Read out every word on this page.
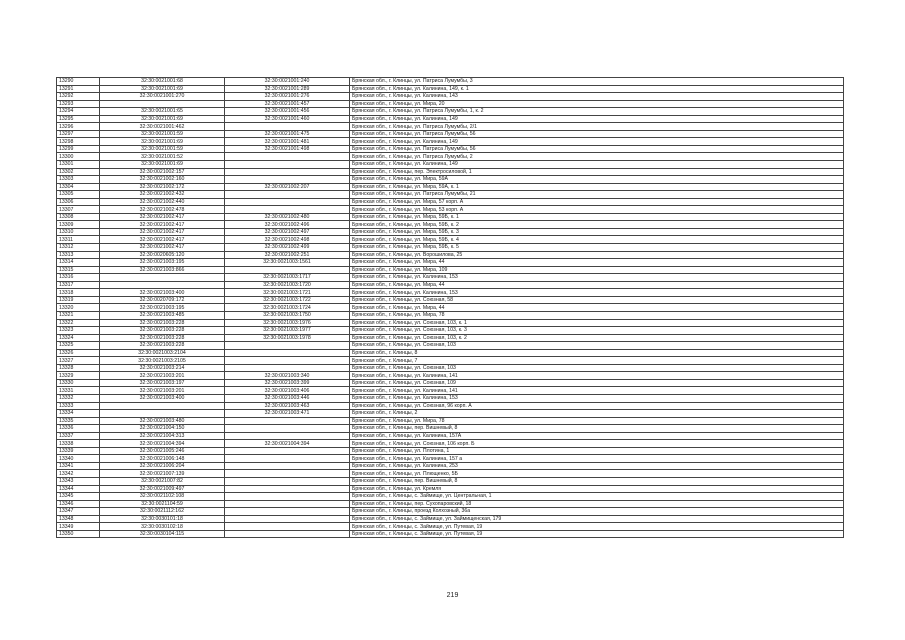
13290	32:30:0021001:68	32:30:0021001:240	Брянская обл., г. Клинцы, ул. Патриса Лумумбы, 3
13291	32:30:0021001:69	32:30:0021001:289	Брянская обл., г. Клинцы, ул. Калинина, 149, к. 1
13292	32:30:0021001:270	32:30:0021001:276	Брянская обл., г. Клинцы, ул. Калинина, 143
13293		32:30:0021001:457	Брянская обл., г. Клинцы, ул. Мира, 20
13294	32:30:0021001:65	32:30:0021001:456	Брянская обл., г. Клинцы, ул. Патриса Лумумбы, 1, к. 2
13295	32:30:0021001:69	32:30:0021001:460	Брянская обл., г. Клинцы, ул. Калинина, 149
13296	32:30:0021001:462		Брянская обл., г. Клинцы, ул. Патриса Лумумбы, 2/1
13297	32:30:0021001:59	32:30:0021001:475	Брянская обл., г. Клинцы, ул. Патриса Лумумбы, 56
13298	32:30:0021001:69	32:30:0021001:481	Брянская обл., г. Клинцы, ул. Калинина, 149
13299	32:30:0021001:59	32:30:0021001:498	Брянская обл., г. Клинцы, ул. Патриса Лумумбы, 56
13300	32:30:0021001:52		Брянская обл., г. Клинцы, ул. Патриса Лумумбы, 2
13301	32:30:0021001:69		Брянская обл., г. Клинцы, ул. Калинина, 149
13302	32:30:0021002:157		Брянская обл., г. Клинцы, пер. Электросиловой, 1
13303	32:30:0021002:160		Брянская обл., г. Клинцы, ул. Мира, 59А
13304	32:30:0021002:172	32:30:0021002:207	Брянская обл., г. Клинцы, ул. Мира, 59А, к. 1
13305	32:30:0021002:432		Брянская обл., г. Клинцы, ул. Патриса Лумумбы, 21
13306	32:30:0021002:440		Брянская обл., г. Клинцы, ул. Мира, 57 корп. А
13307	32:30:0021002:478		Брянская обл., г. Клинцы, ул. Мира, 53 корп. А
13308	32:30:0021002:417	32:30:0021002:480	Брянская обл., г. Клинцы, ул. Мира, 59Б, к. 1
13309	32:30:0021002:417	32:30:0021002:496	Брянская обл., г. Клинцы, ул. Мира, 59Б, к. 2
13310	32:30:0021002:417	32:30:0021002:497	Брянская обл., г. Клинцы, ул. Мира, 59Б, к. 3
13311	32:30:0021002:417	32:30:0021002:498	Брянская обл., г. Клинцы, ул. Мира, 59Б, к. 4
13312	32:30:0021002:417	32:30:0021002:499	Брянская обл., г. Клинцы, ул. Мира, 59Б, к. 5
13313	32:30:0020605:120	32:30:0021002:251	Брянская обл., г. Клинцы, ул. Ворошилова, 25
13314	32:30:0021003:195	32:30:0021003:1561	Брянская обл., г. Клинцы, ул. Мира, 44
13315	32:30:0021003:866		Брянская обл., г. Клинцы, ул. Мира, 109
13316		32:30:0021003:1717	Брянская обл., г. Клинцы, ул. Калинина, 153
13317		32:30:0021003:1720	Брянская обл., г. Клинцы, ул. Мира, 44
13318	32:30:0021003:400	32:30:0021003:1721	Брянская обл., г. Клинцы, ул. Калинина, 153
13319	32:30:0020709:172	32:30:0021003:1722	Брянская обл., г. Клинцы, ул. Союзная, 58
13320	32:30:0021003:195	32:30:0021003:1724	Брянская обл., г. Клинцы, ул. Мира, 44
13321	32:30:0021003:485	32:30:0021003:1750	Брянская обл., г. Клинцы, ул. Мира, 78
13322	32:30:0021003:228	32:30:0021003:1976	Брянская обл., г. Клинцы, ул. Союзная, 103, к. 1
13323	32:30:0021003:228	32:30:0021003:1977	Брянская обл., г. Клинцы, ул. Союзная, 103, к. 3
13324	32:30:0021003:228	32:30:0021003:1978	Брянская обл., г. Клинцы, ул. Союзная, 103, к. 2
13325	32:30:0021003:228		Брянская обл., г. Клинцы, ул. Союзная, 103
13326	32:30:0021003:2104		Брянская обл., г. Клинцы, 8
13327	32:30:0021003:2105		Брянская обл., г. Клинцы, 7
13328	32:30:0021003:214		Брянская обл., г. Клинцы, ул. Союзная, 103
13329	32:30:0021003:201	32:30:0021003:340	Брянская обл., г. Клинцы, ул. Калинина, 141
13330	32:30:0021003:197	32:30:0021003:399	Брянская обл., г. Клинцы, ул. Союзная, 109
13331	32:30:0021003:201	32:30:0021003:406	Брянская обл., г. Клинцы, ул. Калинина, 141
13332	32:30:0021003:400	32:30:0021003:446	Брянская обл., г. Клинцы, ул. Калинина, 153
13333		32:30:0021003:463	Брянская обл., г. Клинцы, ул. Союзная, 96 корп. А
13334		32:30:0021003:471	Брянская обл., г. Клинцы, 2
13335	32:30:0021003:480		Брянская обл., г. Клинцы, ул. Мира, 78
13336	32:30:0021004:150		Брянская обл., г. Клинцы, пер. Вишневый, 8
13337	32:30:0021004:313		Брянская обл., г. Клинцы, ул. Калинина, 157А
13338	32:30:0021004:394	32:30:0021004:394	Брянская обл., г. Клинцы, ул. Союзная, 106 корп. Б
13339	32:30:0021005:246		Брянская обл., г. Клинцы, ул. Плотина, 1
13340	32:30:0021006:148		Брянская обл., г. Клинцы, ул. Калинина, 157 а
13341	32:30:0021006:204		Брянская обл., г. Клинцы, ул. Калинина, 253
13342	32:30:0021007:139		Брянская обл., г. Клинцы, ул. Плющенко, 5Б
13343	32:30:0021007:82		Брянская обл., г. Клинцы, пер. Вишневый, 8
13344	32:30:0021009:497		Брянская обл., г. Клинцы, ул. Кремля
13345	32:30:0021102:108		Брянская обл., г. Клинцы, с. Займище, ул. Центральная, 1
13346	32:30:0021104:59		Брянская обл., г. Клинцы, пер. Сухопаровский, 18
13347	32:30:0021112:162		Брянская обл., г. Клинцы, проезд Колхозный, 36а
13348	32:30:0030101:18		Брянская обл., г. Клинцы, с. Займище, ул. Займищенская, 179
13349	32:30:0030102:18		Брянская обл., г. Клинцы, с. Займище, ул. Путевая, 19
13350	32:30:0030104:115		Брянская обл., г. Клинцы, с. Займище, ул. Путевая, 19
219
